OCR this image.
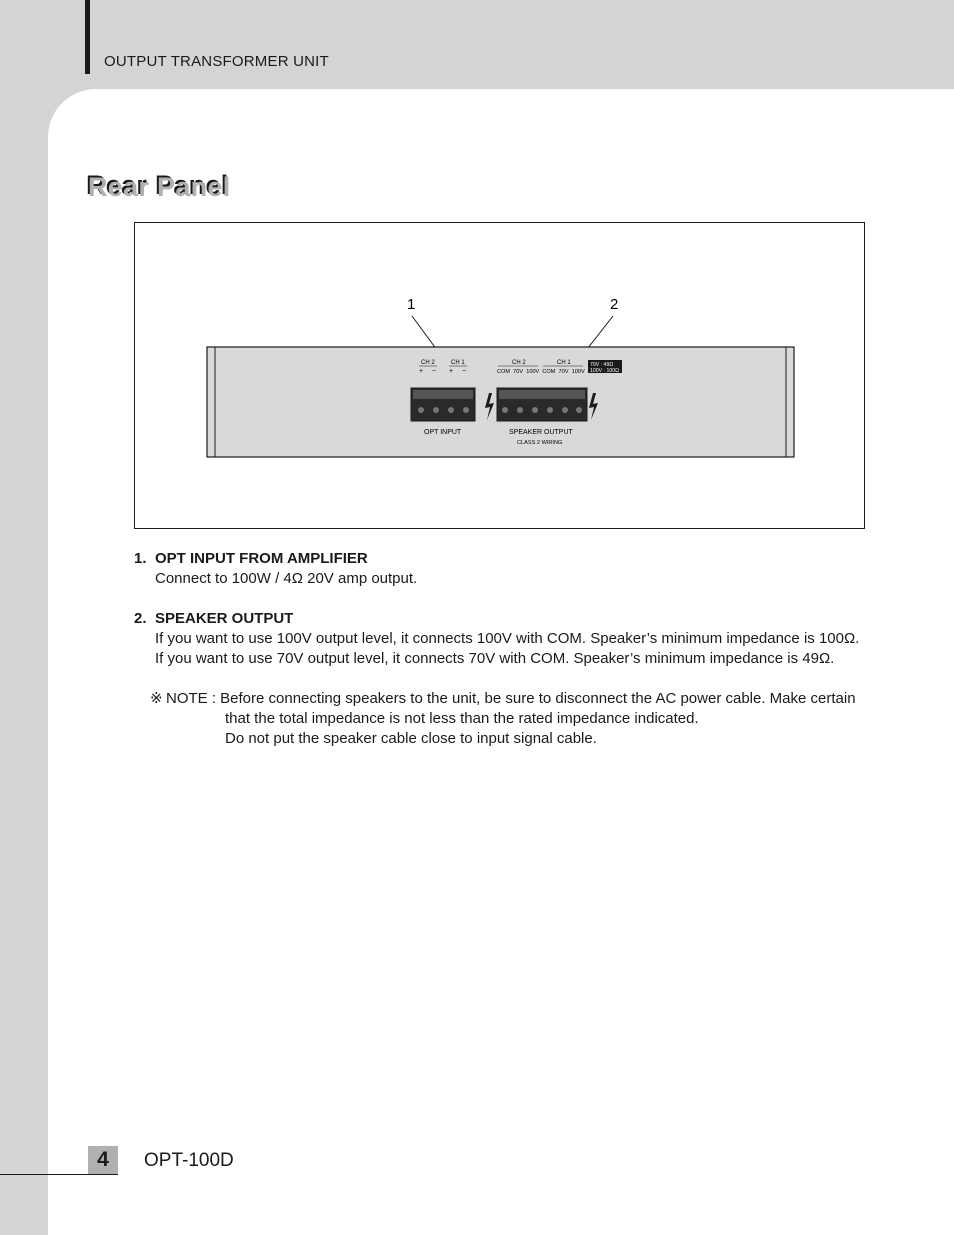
OUTPUT TRANSFORMER UNIT
Rear Panel
1	2
CH 2	CH 1
+ − + −
OPT INPUT
CH 2	CH 1
COM  70V  100V  COM  70V  100V
SPEAKER OUTPUT
CLASS 2 WIRING
70V : 49Ω
100V : 100Ω
1. OPT INPUT FROM AMPLIFIER
Connect to 100W / 4Ω 20V amp output.
2. SPEAKER OUTPUT
If you want to use 100V output level, it connects 100V with COM. Speaker’s minimum impedance is 100Ω.
If you want to use 70V output level, it connects 70V with COM. Speaker’s minimum impedance is 49Ω.
※ NOTE : Before connecting speakers to the unit, be sure to disconnect the AC power cable. Make certain
that the total impedance is not less than the rated impedance indicated.
Do not put the speaker cable close to input signal cable.
4	OPT-100D
